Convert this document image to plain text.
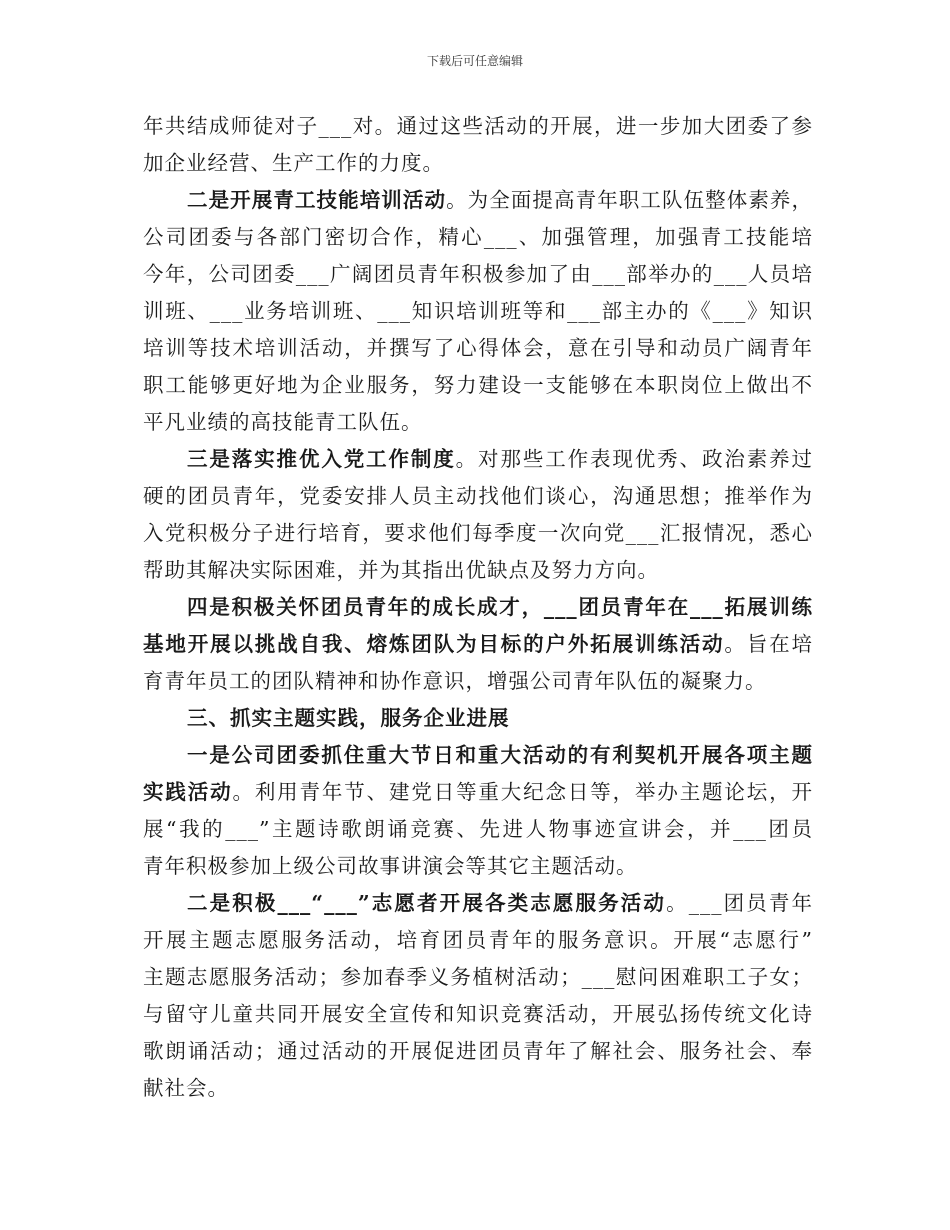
下载后可任意编辑
年共结成师徒对子___对。通过这些活动的开展，进一步加大团委了参
加企业经营、生产工作的力度。
二是开展青工技能培训活动。为全面提高青年职工队伍整体素养，
公司团委与各部门密切合作，精心___、加强管理，加强青工技能培
今年，公司团委___广阔团员青年积极参加了由___部举办的___人员培
训班、___业务培训班、___知识培训班等和___部主办的《___》知识
培训等技术培训活动，并撰写了心得体会，意在引导和动员广阔青年
职工能够更好地为企业服务，努力建设一支能够在本职岗位上做出不
平凡业绩的高技能青工队伍。
三是落实推优入党工作制度。对那些工作表现优秀、政治素养过
硬的团员青年，党委安排人员主动找他们谈心，沟通思想；推举作为
入党积极分子进行培育，要求他们每季度一次向党___汇报情况，悉心
帮助其解决实际困难，并为其指出优缺点及努力方向。
四是积极关怀团员青年的成长成才，___团员青年在___拓展训练
基地开展以挑战自我、熔炼团队为目标的户外拓展训练活动。旨在培
育青年员工的团队精神和协作意识，增强公司青年队伍的凝聚力。
三、抓实主题实践，服务企业进展
一是公司团委抓住重大节日和重大活动的有利契机开展各项主题
实践活动。利用青年节、建党日等重大纪念日等，举办主题论坛，开
展“我的___”主题诗歌朗诵竞赛、先进人物事迹宣讲会，并___团员
青年积极参加上级公司故事讲演会等其它主题活动。
二是积极___“___”志愿者开展各类志愿服务活动。___团员青年
开展主题志愿服务活动，培育团员青年的服务意识。开展“志愿行”
主题志愿服务活动；参加春季义务植树活动；___慰问困难职工子女；
与留守儿童共同开展安全宣传和知识竞赛活动，开展弘扬传统文化诗
歌朗诵活动；通过活动的开展促进团员青年了解社会、服务社会、奉
献社会。
